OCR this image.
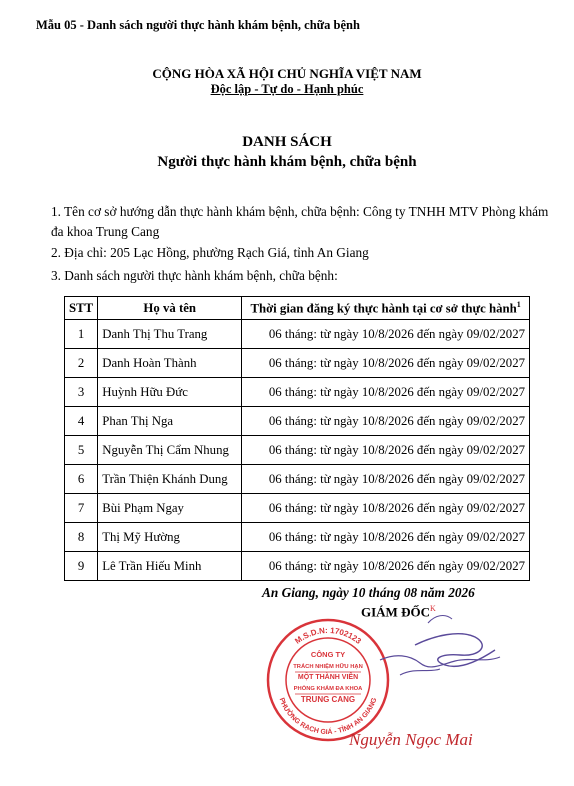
Mẫu 05 - Danh sách người thực hành khám bệnh, chữa bệnh
CỘNG HÒA XÃ HỘI CHỦ NGHĨA VIỆT NAM
Độc lập - Tự do - Hạnh phúc
DANH SÁCH
Người thực hành khám bệnh, chữa bệnh
1. Tên cơ sở hướng dẫn thực hành khám bệnh, chữa bệnh: Công ty TNHH MTV Phòng khám đa khoa Trung Cang
2. Địa chỉ: 205 Lạc Hồng, phường Rạch Giá, tỉnh An Giang
3. Danh sách người thực hành khám bệnh, chữa bệnh:
STT	Họ và tên	Thời gian đăng ký thực hành tại cơ sở thực hành$^1$
1	Danh Thị Thu Trang	06 tháng: từ ngày 10/8/2026 đến ngày 09/02/2027
2	Danh Hoàn Thành	06 tháng: từ ngày 10/8/2026 đến ngày 09/02/2027
3	Huỳnh Hữu Đức	06 tháng: từ ngày 10/8/2026 đến ngày 09/02/2027
4	Phan Thị Nga	06 tháng: từ ngày 10/8/2026 đến ngày 09/02/2027
5	Nguyễn Thị Cẩm Nhung	06 tháng: từ ngày 10/8/2026 đến ngày 09/02/2027
6	Trần Thiện Khánh Dung	06 tháng: từ ngày 10/8/2026 đến ngày 09/02/2027
7	Bùi Phạm Ngay	06 tháng: từ ngày 10/8/2026 đến ngày 09/02/2027
8	Thị Mỹ Hường	06 tháng: từ ngày 10/8/2026 đến ngày 09/02/2027
9	Lê Trần Hiếu Minh	06 tháng: từ ngày 10/8/2026 đến ngày 09/02/2027
An Giang, ngày 10 tháng 08 năm 2026
GIÁM ĐỐC$^K$
M.S.D.N: 1702123
PHƯỜNG RẠCH GIÁ - TỈNH AN GIANG
CÔNG TY
TRÁCH NHIỆM HỮU HẠN
MỘT THÀNH VIÊN
PHÒNG KHÁM ĐA KHOA
TRUNG CANG
Nguyễn Ngọc Mai
